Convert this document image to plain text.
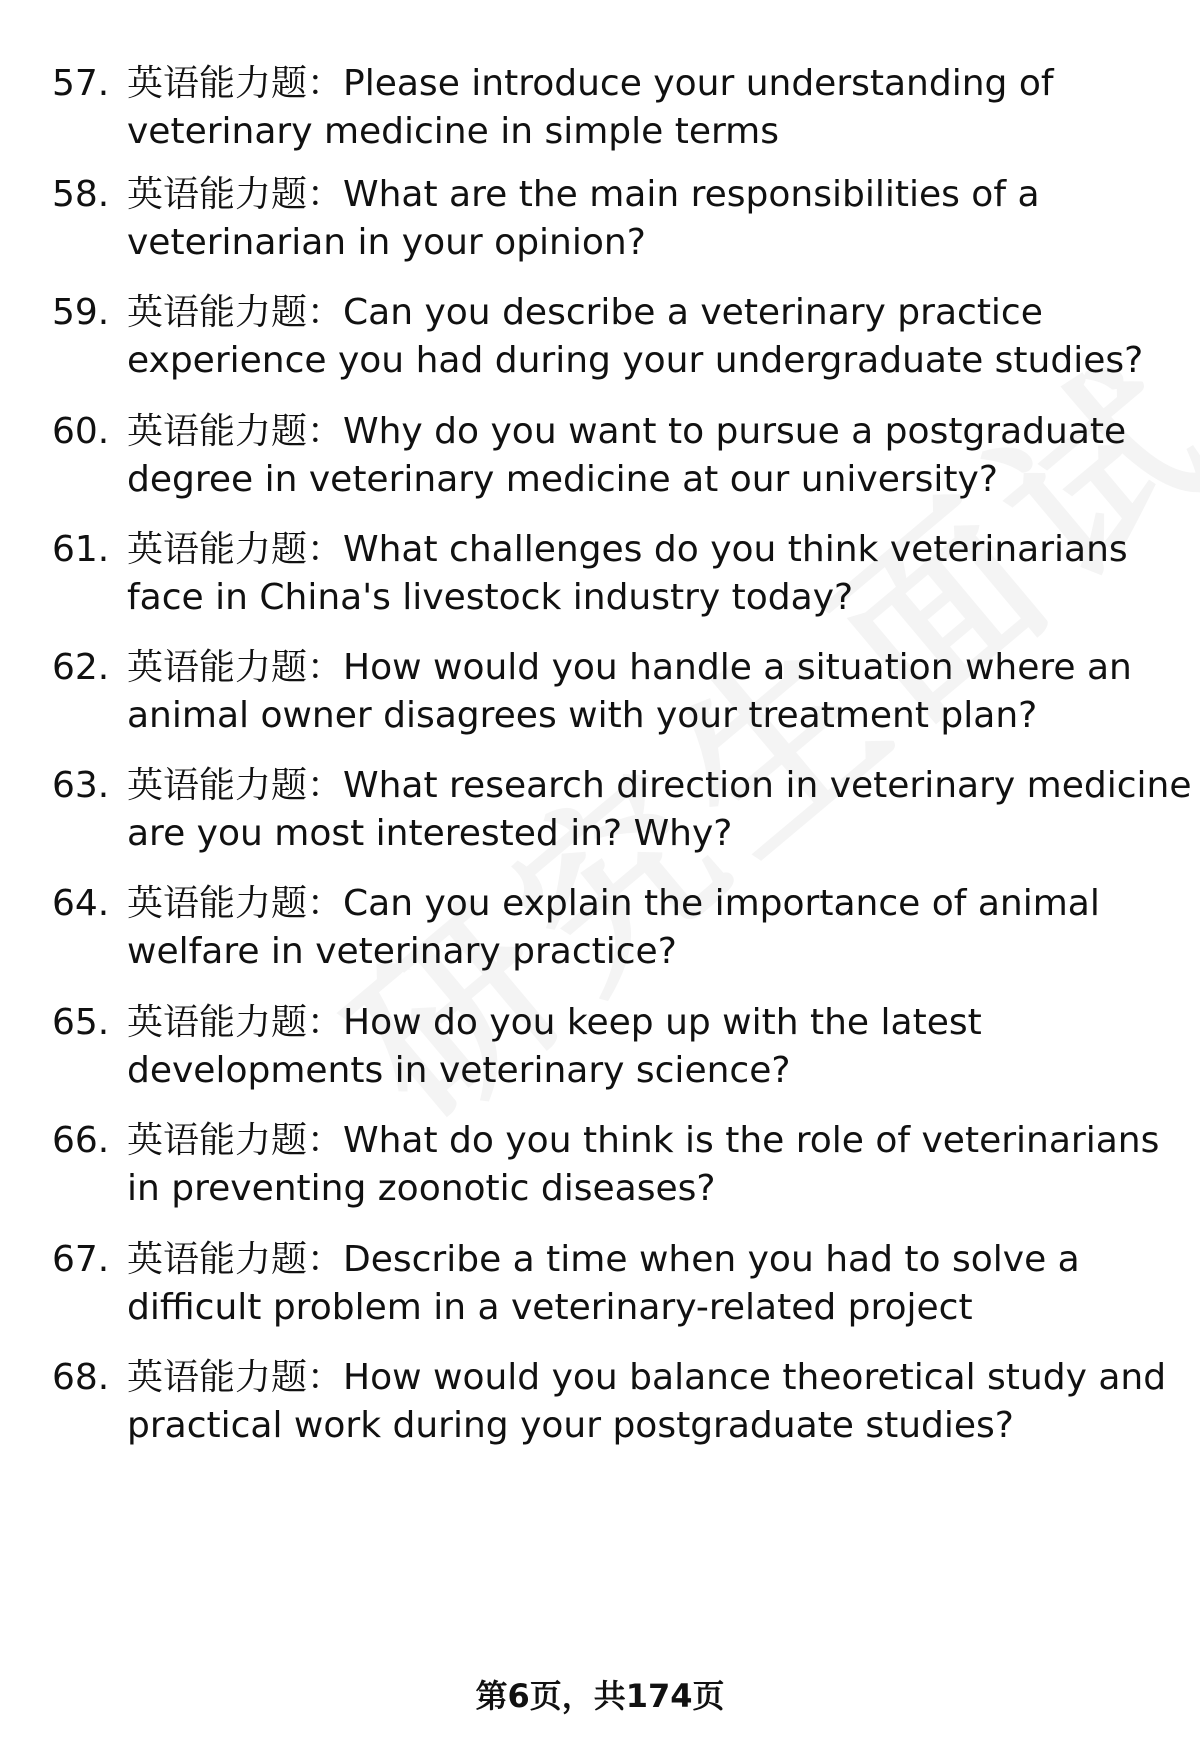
57. 英语能力题：Please introduce your understanding of veterinary medicine in simple terms
58. 英语能力题：What are the main responsibilities of a veterinarian in your opinion?
59. 英语能力题：Can you describe a veterinary practice experience you had during your undergraduate studies?
60. 英语能力题：Why do you want to pursue a postgraduate degree in veterinary medicine at our university?
61. 英语能力题：What challenges do you think veterinarians face in China's livestock industry today?
62. 英语能力题：How would you handle a situation where an animal owner disagrees with your treatment plan?
63. 英语能力题：What research direction in veterinary medicine are you most interested in? Why?
64. 英语能力题：Can you explain the importance of animal welfare in veterinary practice?
65. 英语能力题：How do you keep up with the latest developments in veterinary science?
66. 英语能力题：What do you think is the role of veterinarians in preventing zoonotic diseases?
67. 英语能力题：Describe a time when you had to solve a difficult problem in a veterinary-related project
68. 英语能力题：How would you balance theoretical study and practical work during your postgraduate studies?
第6页，共174页
